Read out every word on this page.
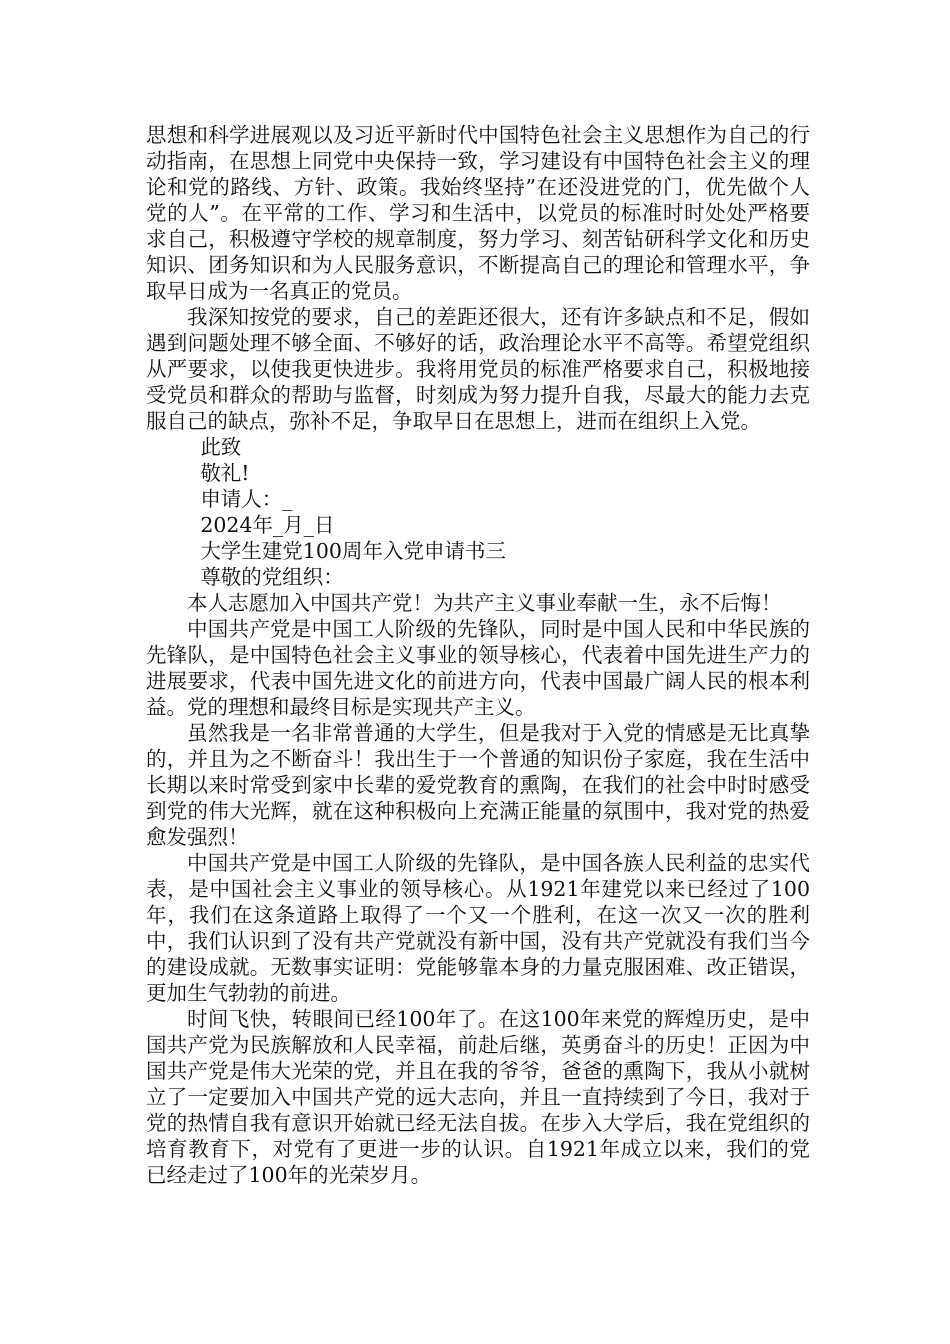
思想和科学进展观以及习近平新时代中国特色社会主义思想作为自己的行动指南，在思想上同党中央保持一致，学习建设有中国特色社会主义的理论和党的路线、方针、政策。我始终坚持”在还没进党的门，优先做个人党的人”。在平常的工作、学习和生活中，以党员的标准时时处处严格要求自己，积极遵守学校的规章制度，努力学习、刻苦钻研科学文化和历史知识、团务知识和为人民服务意识，不断提高自己的理论和管理水平，争取早日成为一名真正的党员。

我深知按党的要求，自己的差距还很大，还有许多缺点和不足，假如遇到问题处理不够全面、不够好的话，政治理论水平不高等。希望党组织从严要求，以使我更快进步。我将用党员的标准严格要求自己，积极地接受党员和群众的帮助与监督，时刻成为努力提升自我，尽最大的能力去克服自己的缺点，弥补不足，争取早日在思想上，进而在组织上入党。

此致

敬礼!

申请人：_

2024年_月_日

大学生建党100周年入党申请书三

尊敬的党组织：

本人志愿加入中国共产党！为共产主义事业奉献一生，永不后悔！

中国共产党是中国工人阶级的先锋队，同时是中国人民和中华民族的先锋队，是中国特色社会主义事业的领导核心，代表着中国先进生产力的进展要求，代表中国先进文化的前进方向，代表中国最广阔人民的根本利益。党的理想和最终目标是实现共产主义。

虽然我是一名非常普通的大学生，但是我对于入党的情感是无比真挚的，并且为之不断奋斗！我出生于一个普通的知识份子家庭，我在生活中长期以来时常受到家中长辈的爱党教育的熏陶，在我们的社会中时时感受到党的伟大光辉，就在这种积极向上充满正能量的氛围中，我对党的热爱愈发强烈！

中国共产党是中国工人阶级的先锋队，是中国各族人民利益的忠实代表，是中国社会主义事业的领导核心。从1921年建党以来已经过了100年，我们在这条道路上取得了一个又一个胜利，在这一次又一次的胜利中，我们认识到了没有共产党就没有新中国，没有共产党就没有我们当今的建设成就。无数事实证明：党能够靠本身的力量克服困难、改正错误，更加生气勃勃的前进。

时间飞快，转眼间已经100年了。在这100年来党的辉煌历史，是中国共产党为民族解放和人民幸福，前赴后继，英勇奋斗的历史！正因为中国共产党是伟大光荣的党，并且在我的爷爷，爸爸的熏陶下，我从小就树立了一定要加入中国共产党的远大志向，并且一直持续到了今日，我对于党的热情自我有意识开始就已经无法自拔。在步入大学后，我在党组织的培育教育下，对党有了更进一步的认识。自1921年成立以来，我们的党已经走过了100年的光荣岁月。
